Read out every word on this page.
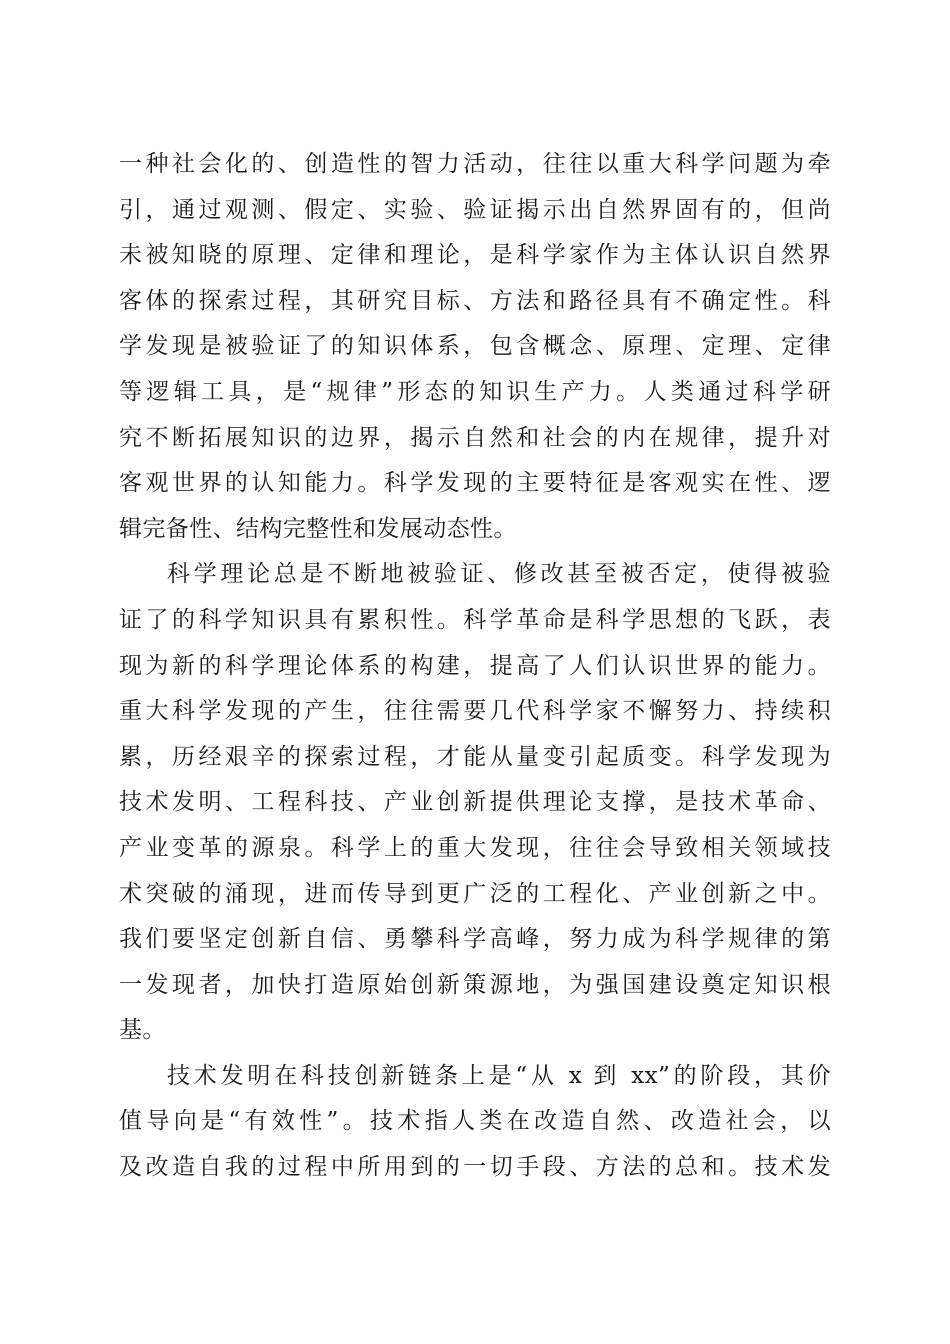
一种社会化的、创造性的智力活动，往往以重大科学问题为牵
引，通过观测、假定、实验、验证揭示出自然界固有的，但尚
未被知晓的原理、定律和理论，是科学家作为主体认识自然界
客体的探索过程，其研究目标、方法和路径具有不确定性。科
学发现是被验证了的知识体系，包含概念、原理、定理、定律
等逻辑工具，是“规律”形态的知识生产力。人类通过科学研
究不断拓展知识的边界，揭示自然和社会的内在规律，提升对
客观世界的认知能力。科学发现的主要特征是客观实在性、逻
辑完备性、结构完整性和发展动态性。
科学理论总是不断地被验证、修改甚至被否定，使得被验
证了的科学知识具有累积性。科学革命是科学思想的飞跃，表
现为新的科学理论体系的构建，提高了人们认识世界的能力。
重大科学发现的产生，往往需要几代科学家不懈努力、持续积
累，历经艰辛的探索过程，才能从量变引起质变。科学发现为
技术发明、工程科技、产业创新提供理论支撑，是技术革命、
产业变革的源泉。科学上的重大发现，往往会导致相关领域技
术突破的涌现，进而传导到更广泛的工程化、产业创新之中。
我们要坚定创新自信、勇攀科学高峰，努力成为科学规律的第
一发现者，加快打造原始创新策源地，为强国建设奠定知识根
基。
技术发明在科技创新链条上是“从 x 到 xx”的阶段，其价
值导向是“有效性”。技术指人类在改造自然、改造社会，以
及改造自我的过程中所用到的一切手段、方法的总和。技术发
